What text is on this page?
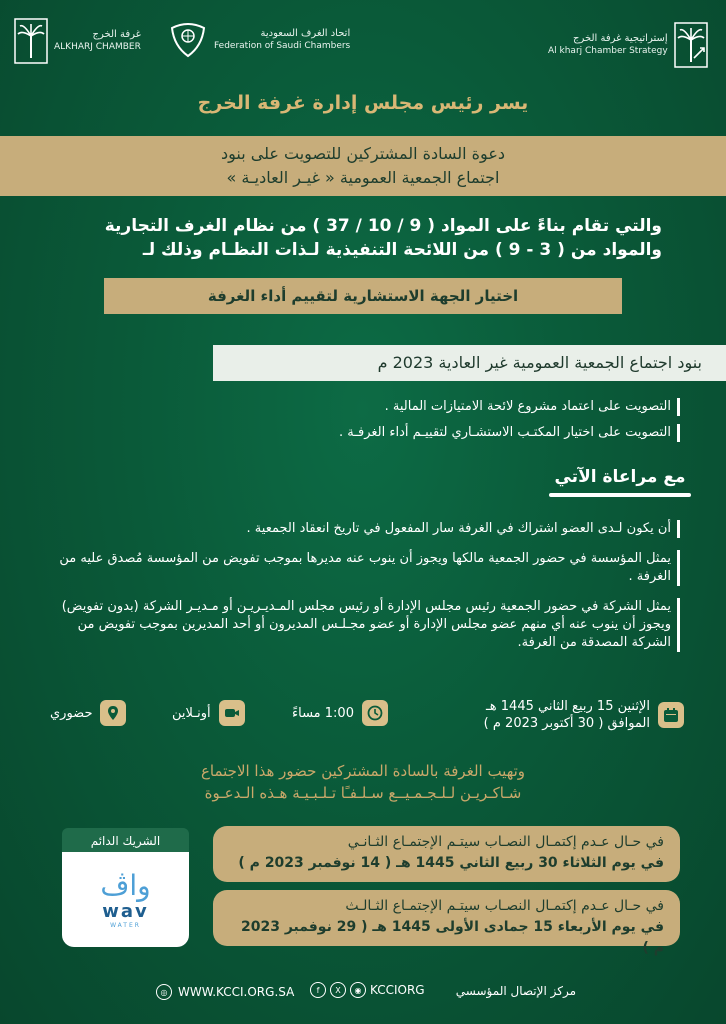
إستراتيجية غرفة الخرج
Al kharj Chamber Strategy
اتحاد الغرف السعودية
Federation of Saudi Chambers
غرفة الخرج
ALKHARJ CHAMBER
يسر رئيس مجلس إدارة غرفة الخرج
دعوة السادة المشتركين للتصويت على بنود
اجتماع الجمعية العمومية « غيـر العاديـة »
والتي تقام بناءً على المواد ( 9 / 10 / 37 ) من نظام الغرف التجارية
والمواد من ( 3 - 9 ) من اللائحة التنفيذية لـذات النظـام وذلك لـ
اختيار الجهة الاستشارية لتقييم أداء الغرفة
بنود اجتماع الجمعية العمومية غير العادية 2023 م
التصويت على اعتماد مشروع لائحة الامتيازات المالية .
التصويت على اختيار المكتـب الاستشـاري لتقييـم أداء الغرفـة .
مع مراعاة الآتي
أن يكون لـدى العضو اشتراك في الغرفة سار المفعول في تاريخ انعقاد الجمعية .
يمثل المؤسسة في حضور الجمعية مالكها ويجوز أن ينوب عنه مديرها بموجب تفويض من المؤسسة مُصدق عليه من الغرفة .
يمثل الشركة في حضور الجمعية رئيس مجلس الإدارة أو رئيس مجلس المـديـريـن أو مـديـر الشركة (بدون تفويض) ويجوز أن ينوب عنه أي منهم عضو مجلس الإدارة أو عضو مجـلـس المديرون أو أحد المديرين بموجب تفويض من الشركة المصدقة من الغرفة.
الإثنين 15 ربيع الثاني 1445 هـ
الموافق ( 30 أكتوبر 2023 م )
1:00 مساءً
أونـلاين
حضوري
وتهيب الغرفة بالسادة المشتركين حضور هذا الاجتماع
شـاكـريـن لـلـجـمـيــع سـلـفـًا تـلـبـيـة هـذه الـدعـوة
الشريك الدائم
واڤ
wav
WATER
في حـال عـدم إكتمـال النصـاب سيتـم الإجتمـاع الثـانـي
في يوم الثلاثاء 30 ربيع الثاني 1445 هـ ( 14 نوفمبر 2023 م )
في حـال عـدم إكتمـال النصـاب سيتـم الإجتمـاع الثـالـث
في يوم الأربعاء 15 جمادى الأولى 1445 هـ ( 29 نوفمبر 2023 م )
◎ WWW.KCCI.ORG.SA	f	X	◉ KCCIORG	مركز الإتصال المؤسسي
